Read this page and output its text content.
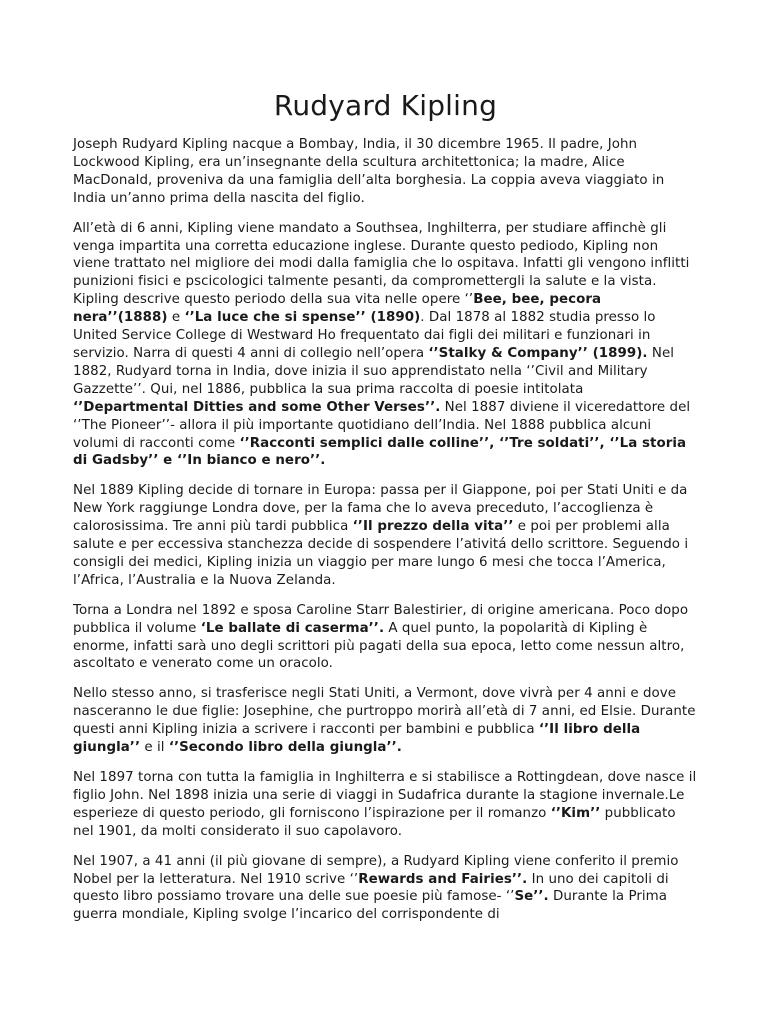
Rudyard Kipling

Joseph Rudyard Kipling nacque a Bombay, India, il 30 dicembre 1965. Il padre, John Lockwood Kipling, era un’insegnante della scultura architettonica; la madre, Alice MacDonald, proveniva da una famiglia dell’alta borghesia. La coppia aveva viaggiato in India un’anno prima della nascita del figlio.

All’età di 6 anni, Kipling viene mandato a Southsea, Inghilterra, per studiare affinchè gli venga impartita una corretta educazione inglese. Durante questo pediodo, Kipling non viene trattato nel migliore dei modi dalla famiglia che lo ospitava. Infatti gli vengono inflitti punizioni fisici e pscicologici talmente pesanti, da compromettergli la salute e la vista. Kipling descrive questo periodo della sua vita nelle opere ‘’Bee, bee, pecora nera’’(1888) e ‘’La luce che si spense’’ (1890). Dal 1878 al 1882 studia presso lo United Service College di Westward Ho frequentato dai figli dei militari e funzionari in servizio. Narra di questi 4 anni di collegio nell’opera ‘’Stalky & Company’’ (1899). Nel 1882, Rudyard torna in India, dove inizia il suo apprendistato nella ‘’Civil and Military Gazzette’’. Qui, nel 1886, pubblica la sua prima raccolta di poesie intitolata ‘’Departmental Ditties and some Other Verses’’. Nel 1887 diviene il viceredattore del ‘’The Pioneer’’- allora il più importante quotidiano dell’India. Nel 1888 pubblica alcuni volumi di racconti come ‘’Racconti semplici dalle colline’’, ‘’Tre soldati’’, ‘’La storia di Gadsby’’ e ‘’In bianco e nero’’.

Nel 1889 Kipling decide di tornare in Europa: passa per il Giappone, poi per Stati Uniti e da New York raggiunge Londra dove, per la fama che lo aveva preceduto, l’accoglienza è calorosissima. Tre anni più tardi pubblica ‘’Il prezzo della vita’’ e poi per problemi alla salute e per eccessiva stanchezza decide di sospendere l’ativitá dello scrittore. Seguendo i consigli dei medici, Kipling inizia un viaggio per mare lungo 6 mesi che tocca l’America, l’Africa, l’Australia e la Nuova Zelanda.

Torna a Londra nel 1892 e sposa Caroline Starr Balestirier, di origine americana. Poco dopo pubblica il volume ‘Le ballate di caserma’’. A quel punto, la popolarità di Kipling è enorme, infatti sarà uno degli scrittori più pagati della sua epoca, letto come nessun altro, ascoltato e venerato come un oracolo.

Nello stesso anno, si trasferisce negli Stati Uniti, a Vermont, dove vivrà per 4 anni e dove nasceranno le due figlie: Josephine, che purtroppo morirà all’età di 7 anni, ed Elsie. Durante questi anni Kipling inizia a scrivere i racconti per bambini e pubblica ‘’Il libro della giungla’’ e il ‘’Secondo libro della giungla’’.

Nel 1897 torna con tutta la famiglia in Inghilterra e si stabilisce a Rottingdean, dove nasce il figlio John. Nel 1898 inizia una serie di viaggi in Sudafrica durante la stagione invernale.Le esperieze di questo periodo, gli forniscono l’ispirazione per il romanzo ‘’Kim’’ pubblicato nel 1901, da molti considerato il suo capolavoro.

Nel 1907, a 41 anni (il più giovane di sempre), a Rudyard Kipling viene conferito il premio Nobel per la letteratura. Nel 1910 scrive ‘’Rewards and Fairies’’. In uno dei capitoli di questo libro possiamo trovare una delle sue poesie più famose- ‘’Se’’. Durante la Prima guerra mondiale, Kipling svolge l’incarico del corrispondente di
